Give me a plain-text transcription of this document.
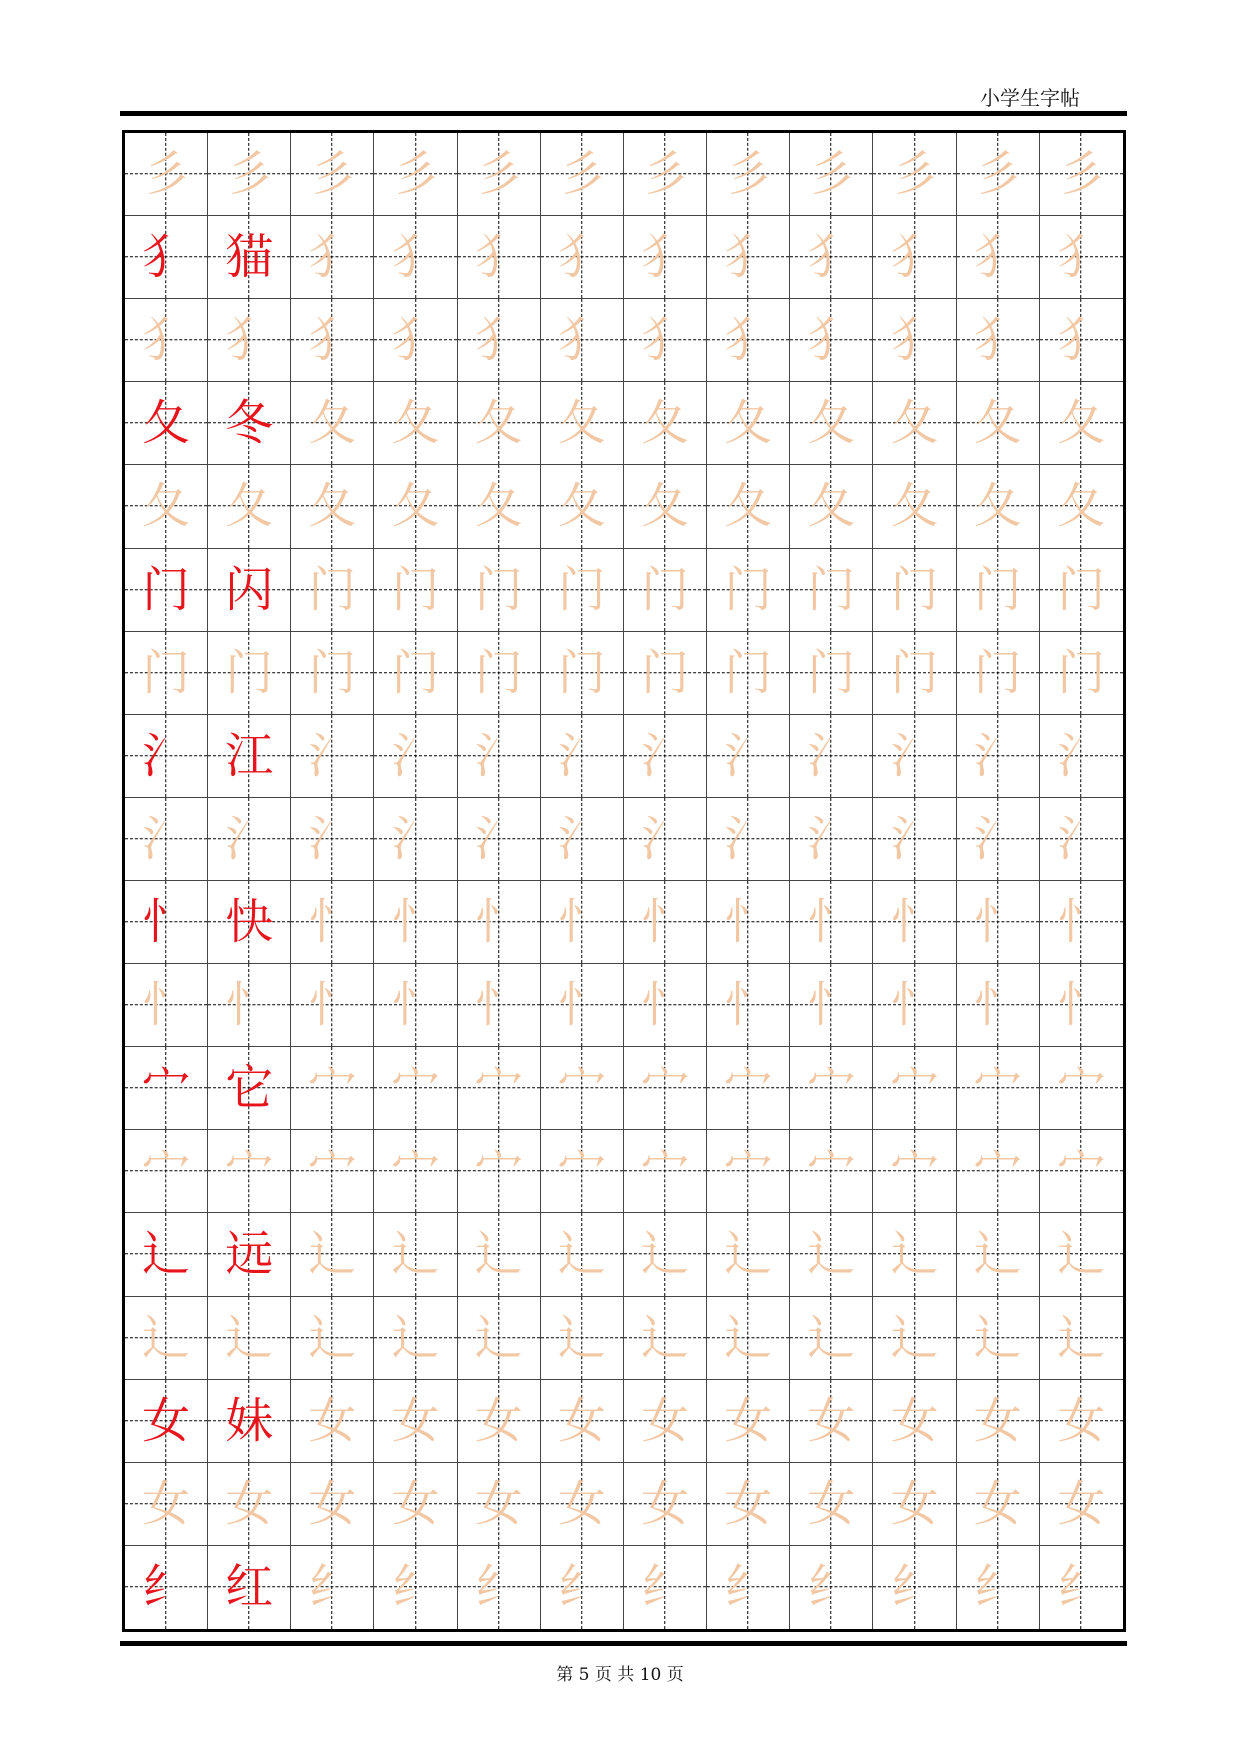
小学生字帖
彡 彡 彡 彡 彡 彡 彡 彡 彡 彡 彡 彡
犭 猫 犭 犭 犭 犭 犭 犭 犭 犭 犭 犭
犭 犭 犭 犭 犭 犭 犭 犭 犭 犭 犭 犭
夂 冬 夂 夂 夂 夂 夂 夂 夂 夂 夂 夂
夂 夂 夂 夂 夂 夂 夂 夂 夂 夂 夂 夂
门 闪 门 门 门 门 门 门 门 门 门 门
门 门 门 门 门 门 门 门 门 门 门 门
氵 江 氵 氵 氵 氵 氵 氵 氵 氵 氵 氵
氵 氵 氵 氵 氵 氵 氵 氵 氵 氵 氵 氵
忄 快 忄 忄 忄 忄 忄 忄 忄 忄 忄 忄
忄 忄 忄 忄 忄 忄 忄 忄 忄 忄 忄 忄
宀 它 宀 宀 宀 宀 宀 宀 宀 宀 宀 宀
宀 宀 宀 宀 宀 宀 宀 宀 宀 宀 宀 宀
辶 远 辶 辶 辶 辶 辶 辶 辶 辶 辶 辶
辶 辶 辶 辶 辶 辶 辶 辶 辶 辶 辶 辶
女 妹 女 女 女 女 女 女 女 女 女 女
女 女 女 女 女 女 女 女 女 女 女 女
纟 红 纟 纟 纟 纟 纟 纟 纟 纟 纟 纟
第 5 页 共 10 页
